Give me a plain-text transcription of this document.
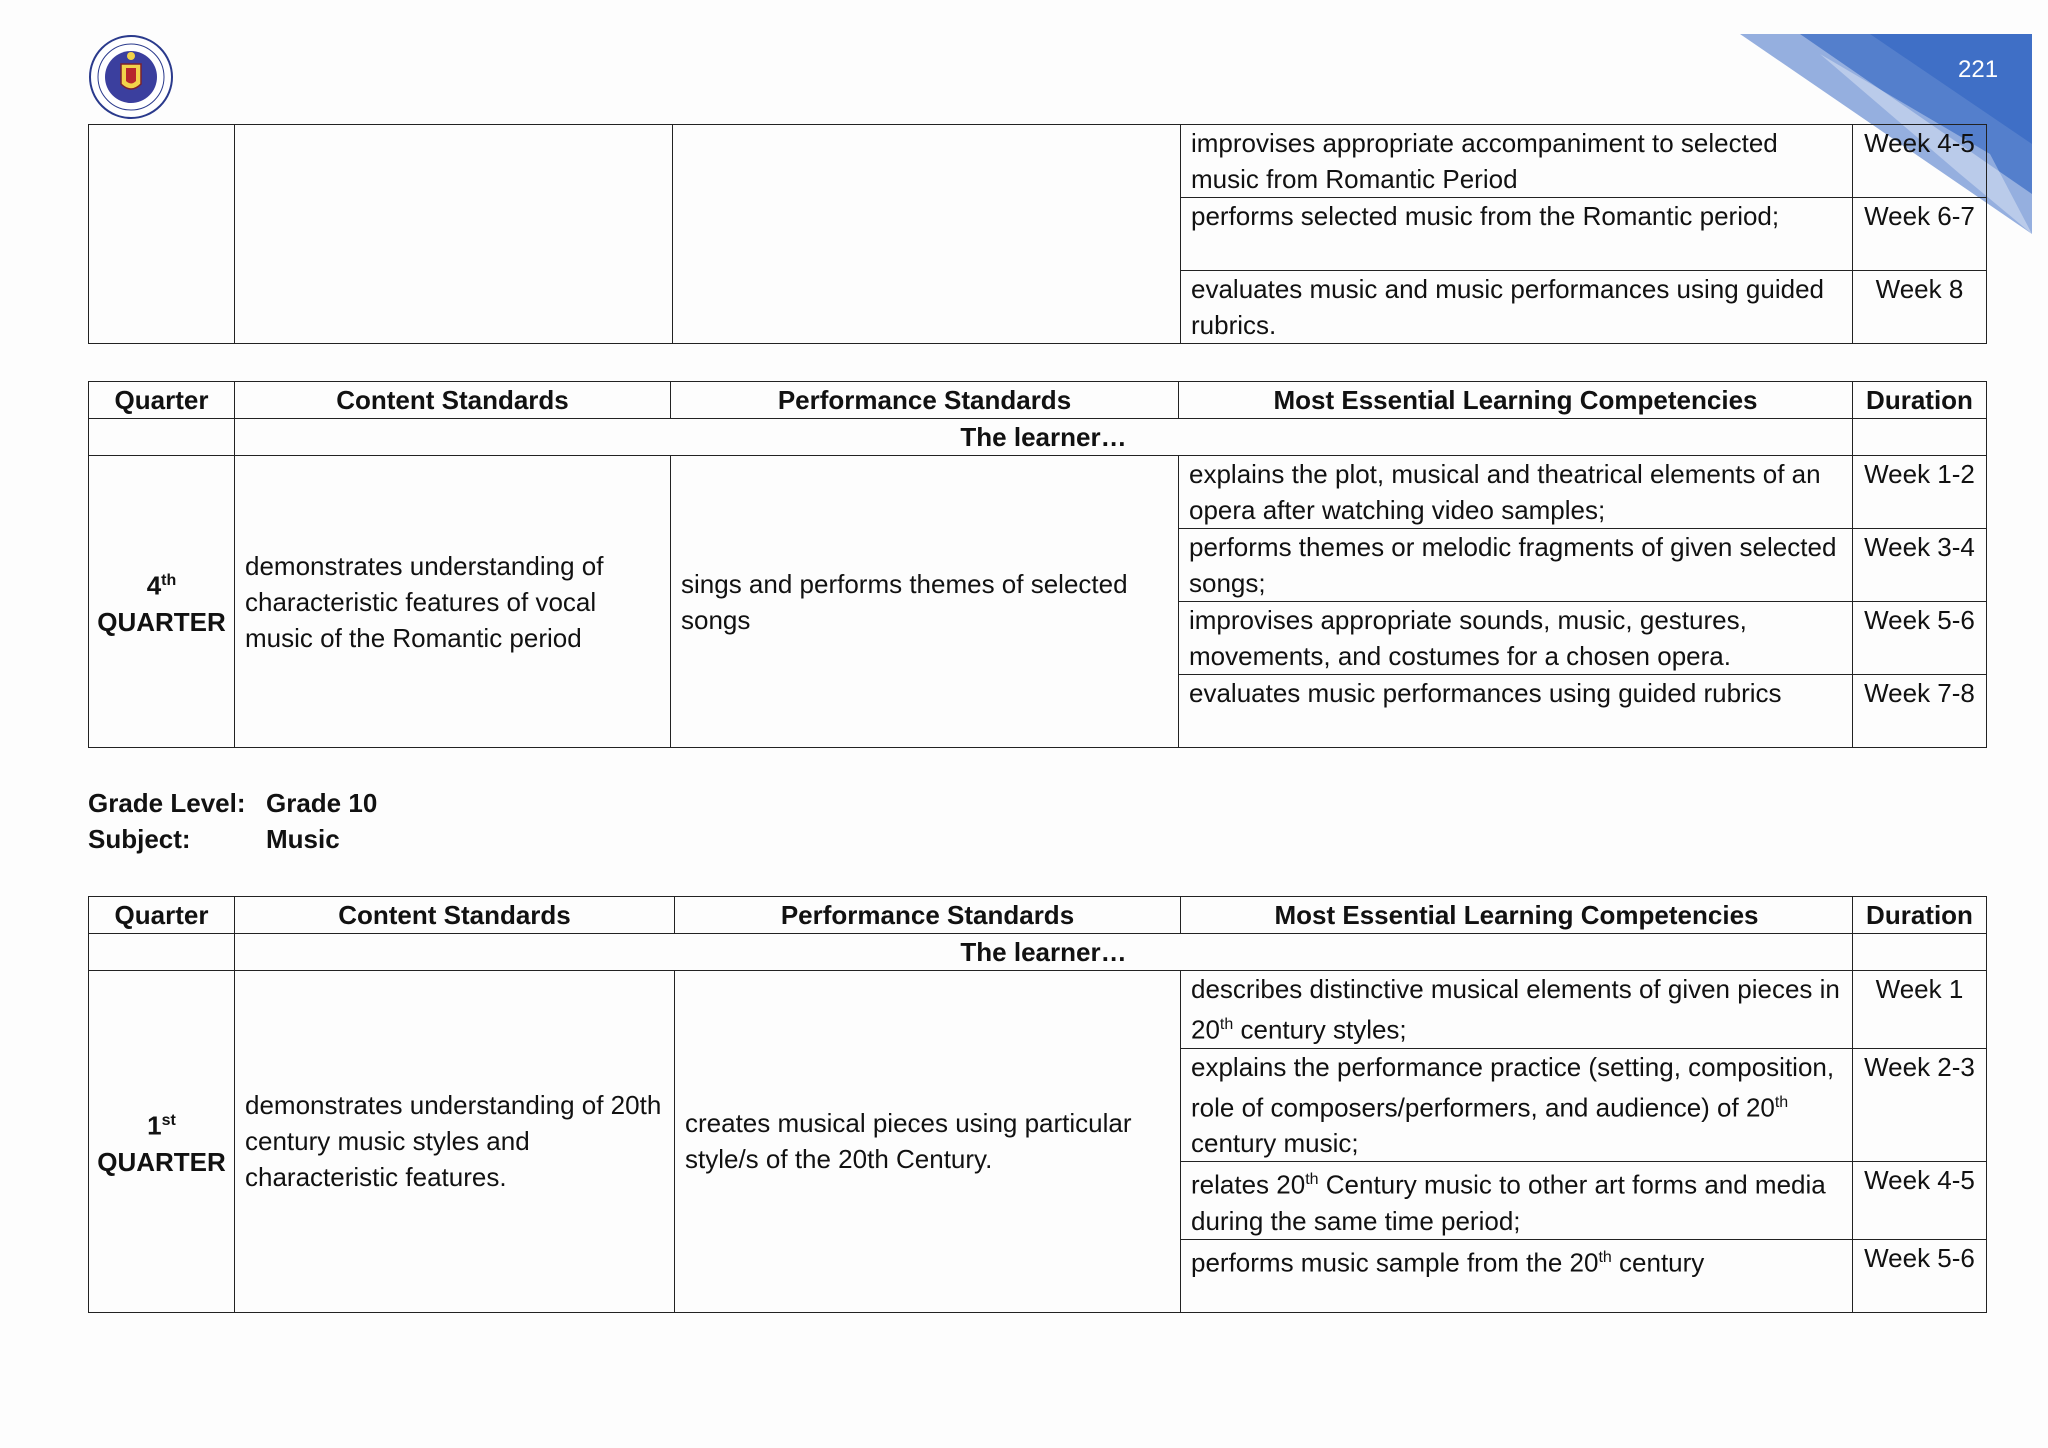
221
			improvises appropriate accompaniment to selected music from Romantic Period	Week 4-5
			performs selected music from the Romantic period;	Week 6-7
			evaluates music and music performances using guided rubrics.	Week 8
Quarter	Content Standards	Performance Standards	Most Essential Learning Competencies	Duration
	The learner…			
4th
QUARTER	demonstrates understanding of characteristic features of vocal music of the Romantic period	sings and performs themes of selected songs	explains the plot, musical and theatrical elements of an opera after watching video samples;	Week 1-2
			performs themes or melodic fragments of given selected songs;	Week 3-4
			improvises appropriate sounds, music, gestures, movements, and costumes for a chosen opera.	Week 5-6
			evaluates music performances using guided rubrics	Week 7-8
Grade Level: Grade 10
Subject:	Music
Quarter	Content Standards	Performance Standards	Most Essential Learning Competencies	Duration
	The learner…			
1st
QUARTER	demonstrates understanding of 20th century music styles and characteristic features.	creates musical pieces using particular style/s of the 20th Century.	describes distinctive musical elements of given pieces in 20th century styles;	Week 1
			explains the performance practice (setting, composition, role of composers/performers, and audience) of 20th century music;	Week 2-3
			relates 20th Century music to other art forms and media during the same time period;	Week 4-5
			performs music sample from the 20th century	Week 5-6
